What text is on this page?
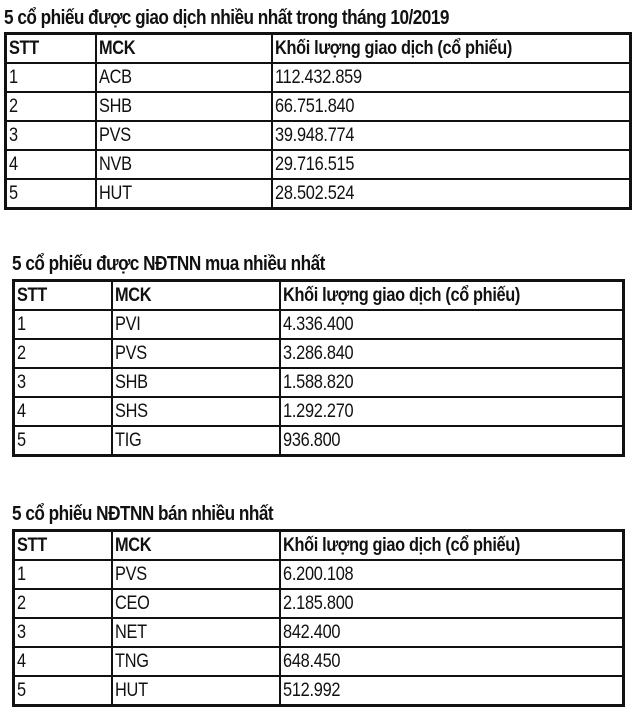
5 cổ phiếu được giao dịch nhiều nhất trong tháng 10/2019
STT	MCK	Khối lượng giao dịch (cổ phiếu)
1	ACB	112.432.859
2	SHB	66.751.840
3	PVS	39.948.774
4	NVB	29.716.515
5	HUT	28.502.524
5 cổ phiếu được NĐTNN mua nhiều nhất
STT	MCK	Khối lượng giao dịch (cổ phiếu)
1	PVI	4.336.400
2	PVS	3.286.840
3	SHB	1.588.820
4	SHS	1.292.270
5	TIG	936.800
5 cổ phiếu NĐTNN bán nhiều nhất
STT	MCK	Khối lượng giao dịch (cổ phiếu)
1	PVS	6.200.108
2	CEO	2.185.800
3	NET	842.400
4	TNG	648.450
5	HUT	512.992
